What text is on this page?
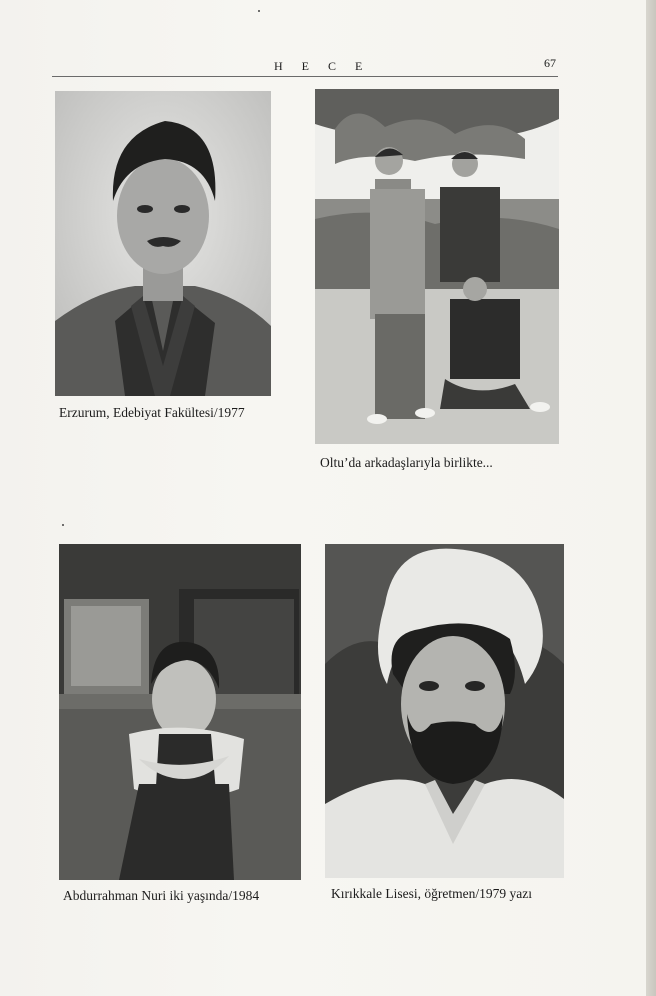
H E C E	67
Erzurum, Edebiyat Fakültesi/1977
Oltu’da arkadaşlarıyla birlikte...
Abdurrahman Nuri iki yaşında/1984	Kırıkkale Lisesi, öğretmen/1979 yazı
